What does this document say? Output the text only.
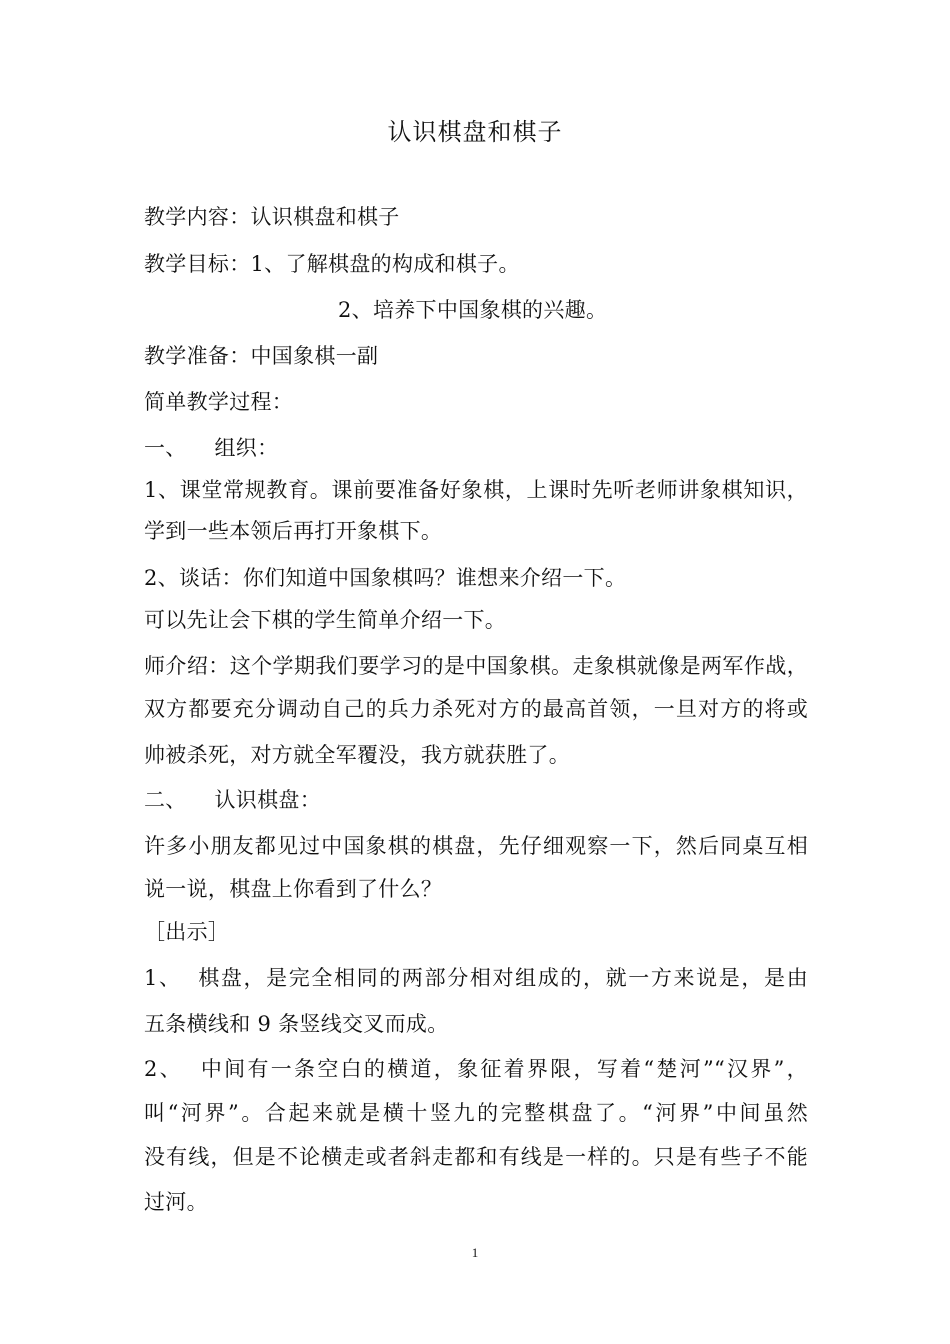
认识棋盘和棋子
教学内容：认识棋盘和棋子
教学目标：1、了解棋盘的构成和棋子。
2、培养下中国象棋的兴趣。
教学准备：中国象棋一副
简单教学过程：
一、    组织：
1、课堂常规教育。课前要准备好象棋，上课时先听老师讲象棋知识，
学到一些本领后再打开象棋下。
2、谈话：你们知道中国象棋吗？谁想来介绍一下。
可以先让会下棋的学生简单介绍一下。
师介绍：这个学期我们要学习的是中国象棋。走象棋就像是两军作战，
双方都要充分调动自己的兵力杀死对方的最高首领，一旦对方的将或
帅被杀死，对方就全军覆没，我方就获胜了。
二、    认识棋盘：
许多小朋友都见过中国象棋的棋盘，先仔细观察一下，然后同桌互相
说一说，棋盘上你看到了什么？
［出示］
1、  棋盘，是完全相同的两部分相对组成的，就一方来说是，是由
五条横线和 9 条竖线交叉而成。
2、  中间有一条空白的横道，象征着界限，写着“楚河”“汉界”，
叫“河界”。合起来就是横十竖九的完整棋盘了。“河界”中间虽然
没有线，但是不论横走或者斜走都和有线是一样的。只是有些子不能
过河。
1
